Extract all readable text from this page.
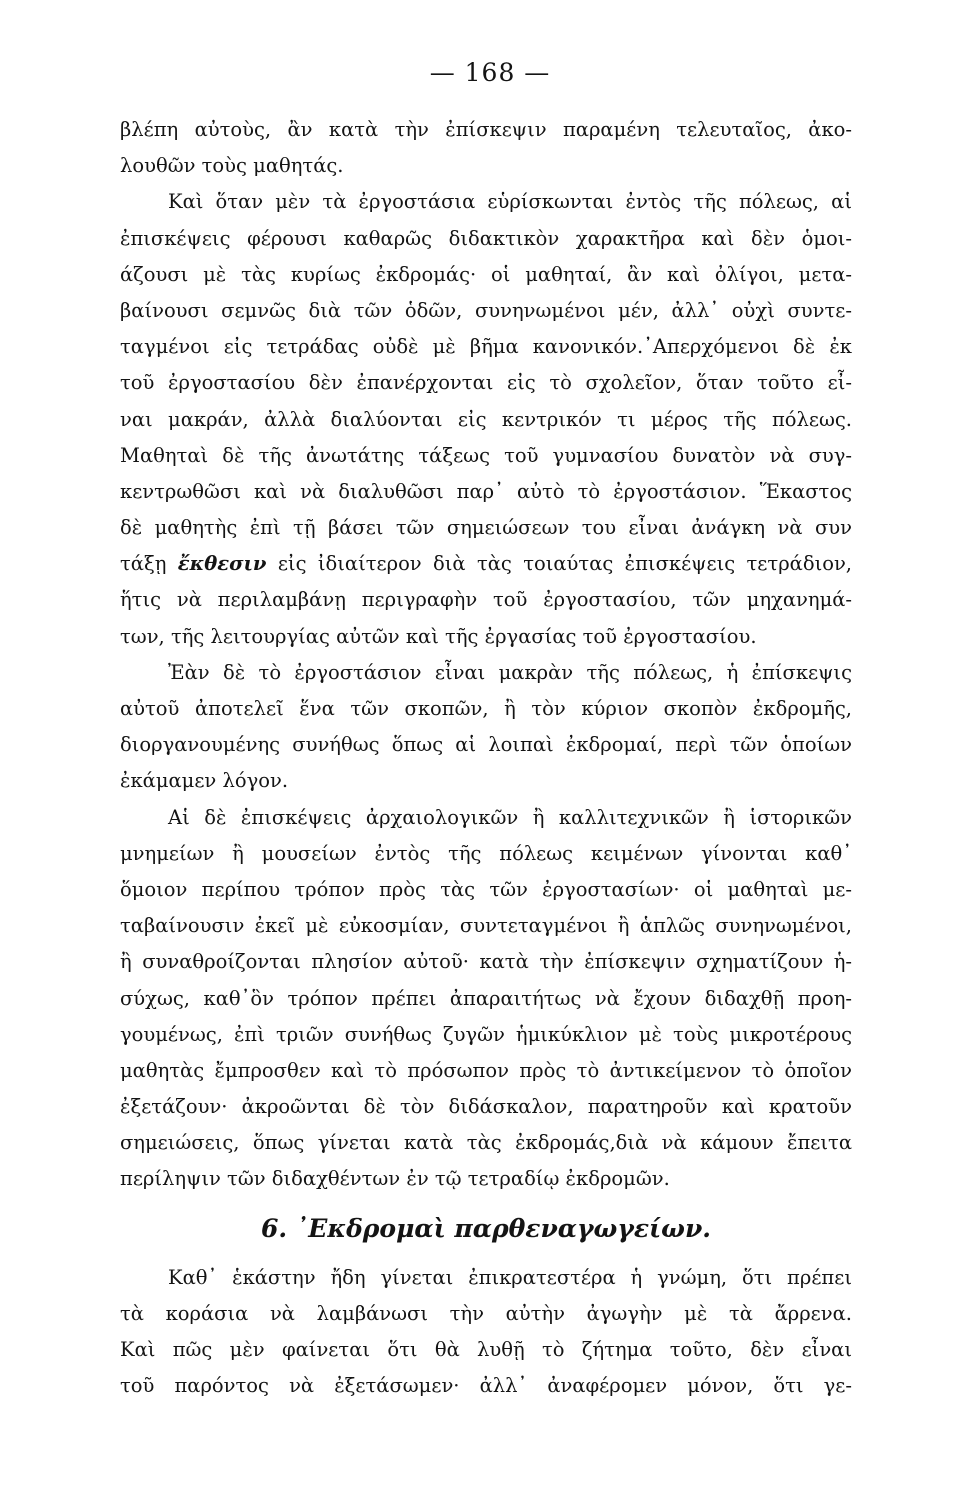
— 168 —
βλέπη αὐτοὺς, ἂν κατὰ τὴν ἐπίσκεψιν παραμένη τελευταῖος, ἀκο-
λουθῶν τοὺς μαθητάς.
Καὶ ὅταν μὲν τὰ ἐργοστάσια εὑρίσκωνται ἐντὸς τῆς πόλεως, αἱ
ἐπισκέψεις φέρουσι καθαρῶς διδακτικὸν χαρακτῆρα καὶ δὲν ὁμοι-
άζουσι μὲ τὰς κυρίως ἐκδρομάς· οἱ μαθηταί, ἂν καὶ ὀλίγοι, μετα-
βαίνουσι σεμνῶς διὰ τῶν ὁδῶν, συνηνωμένοι μέν, ἀλλ᾽ οὐχὶ συντε-
ταγμένοι εἰς τετράδας οὐδὲ μὲ βῆμα κανονικόν.᾽Απερχόμενοι δὲ ἐκ
τοῦ ἐργοστασίου δὲν ἐπανέρχονται εἰς τὸ σχολεῖον, ὅταν τοῦτο εἶ-
ναι μακράν, ἀλλὰ διαλύονται εἰς κεντρικόν τι μέρος τῆς πόλεως.
Μαθηταὶ δὲ τῆς ἀνωτάτης τάξεως τοῦ γυμνασίου δυνατὸν νὰ συγ-
κεντρωθῶσι καὶ νὰ διαλυθῶσι παρ᾽ αὐτὸ τὸ ἐργοστάσιον. Ἕκαστος
δὲ μαθητὴς ἐπὶ τῇ βάσει τῶν σημειώσεων του εἶναι ἀνάγκη νὰ συν
τάξῃ ἔκθεσιν εἰς ἰδιαίτερον διὰ τὰς τοιαύτας ἐπισκέψεις τετράδιον,
ἥτις νὰ περιλαμβάνῃ περιγραφὴν τοῦ ἐργοστασίου, τῶν μηχανημά-
των, τῆς λειτουργίας αὐτῶν καὶ τῆς ἐργασίας τοῦ ἐργοστασίου.
Ἐὰν δὲ τὸ ἐργοστάσιον εἶναι μακρὰν τῆς πόλεως, ἡ ἐπίσκεψις
αὐτοῦ ἀποτελεῖ ἕνα τῶν σκοπῶν, ἢ τὸν κύριον σκοπὸν ἐκδρομῆς,
διοργανουμένης συνήθως ὅπως αἱ λοιπαὶ ἐκδρομαί, περὶ τῶν ὁποίων
ἐκάμαμεν λόγον.
Αἱ δὲ ἐπισκέψεις ἀρχαιολογικῶν ἢ καλλιτεχνικῶν ἢ ἱστορικῶν
μνημείων ἢ μουσείων ἐντὸς τῆς πόλεως κειμένων γίνονται καθ᾽
ὅμοιον περίπου τρόπον πρὸς τὰς τῶν ἐργοστασίων· οἱ μαθηταὶ με-
ταβαίνουσιν ἐκεῖ μὲ εὐκοσμίαν, συντεταγμένοι ἢ ἁπλῶς συνηνωμένοι,
ἢ συναθροίζονται πλησίον αὐτοῦ· κατὰ τὴν ἐπίσκεψιν σχηματίζουν ἡ-
σύχως, καθ᾽ὃν τρόπον πρέπει ἀπαραιτήτως νὰ ἔχουν διδαχθῇ προη-
γουμένως, ἐπὶ τριῶν συνήθως ζυγῶν ἡμικύκλιον μὲ τοὺς μικροτέρους
μαθητὰς ἔμπροσθεν καὶ τὸ πρόσωπον πρὸς τὸ ἀντικείμενον τὸ ὁποῖον
ἐξετάζουν· ἀκροῶνται δὲ τὸν διδάσκαλον, παρατηροῦν καὶ κρατοῦν
σημειώσεις, ὅπως γίνεται κατὰ τὰς ἐκδρομάς,διὰ νὰ κάμουν ἔπειτα
περίληψιν τῶν διδαχθέντων ἐν τῷ τετραδίῳ ἐκδρομῶν.
6. ᾽Εκδρομαὶ παρθεναγωγείων.
Καθ᾽ ἑκάστην ἤδη γίνεται ἐπικρατεστέρα ἡ γνώμη, ὅτι πρέπει
τὰ κοράσια νὰ λαμβάνωσι τὴν αὐτὴν ἀγωγὴν μὲ τὰ ἄρρενα.
Καὶ πῶς μὲν φαίνεται ὅτι θὰ λυθῇ τὸ ζήτημα τοῦτο, δὲν εἶναι
τοῦ παρόντος νὰ ἐξετάσωμεν· ἀλλ᾽ ἀναφέρομεν μόνον, ὅτι γε-
